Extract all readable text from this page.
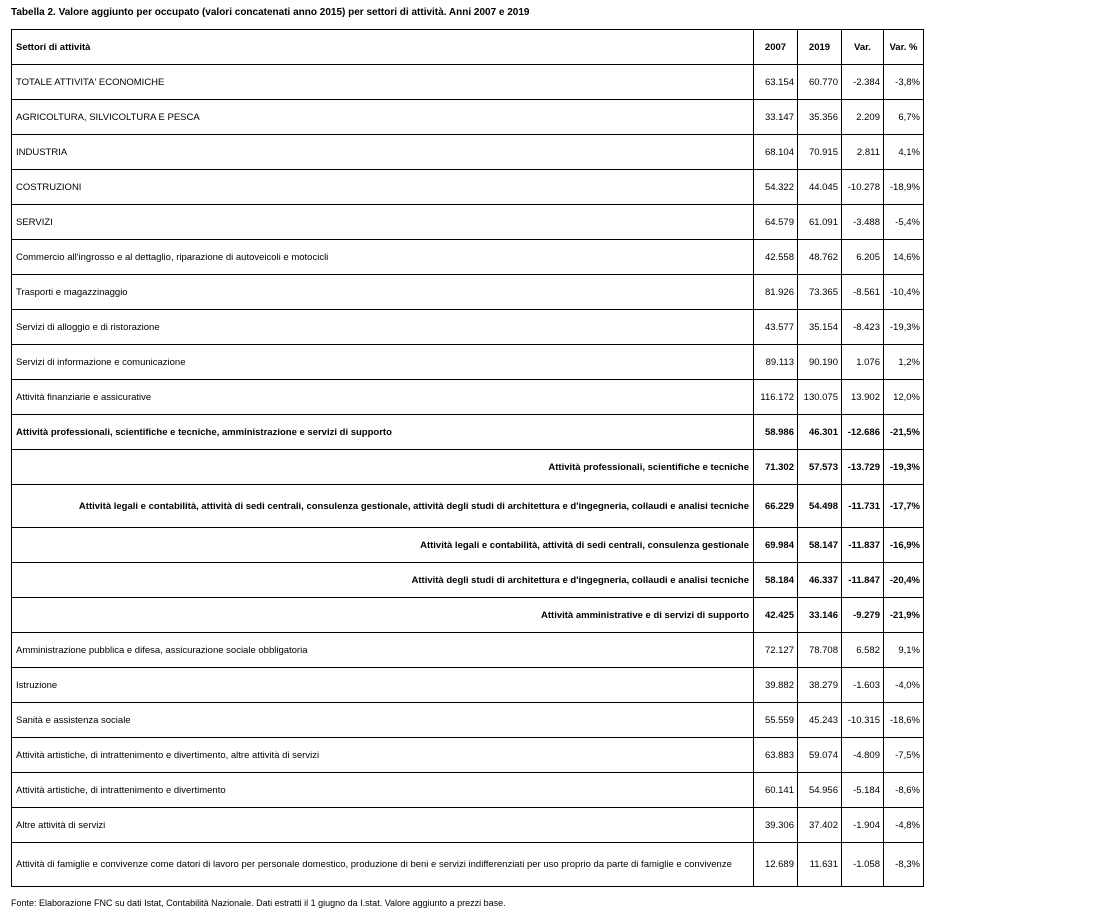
Tabella 2. Valore aggiunto per occupato (valori concatenati anno 2015) per settori di attività. Anni 2007 e 2019
Settori di attività	2007	2019	Var.	Var. %
TOTALE ATTIVITA' ECONOMICHE	63.154	60.770	-2.384	-3,8%
AGRICOLTURA, SILVICOLTURA E PESCA	33.147	35.356	2.209	6,7%
INDUSTRIA	68.104	70.915	2.811	4,1%
COSTRUZIONI	54.322	44.045	-10.278	-18,9%
SERVIZI	64.579	61.091	-3.488	-5,4%
Commercio all'ingrosso e al dettaglio, riparazione di autoveicoli e motocicli	42.558	48.762	6.205	14,6%
Trasporti e magazzinaggio	81.926	73.365	-8.561	-10,4%
Servizi di alloggio e di ristorazione	43.577	35.154	-8.423	-19,3%
Servizi di informazione e comunicazione	89.113	90.190	1.076	1,2%
Attività finanziarie e assicurative	116.172	130.075	13.902	12,0%
Attività professionali, scientifiche e tecniche, amministrazione e servizi di supporto	58.986	46.301	-12.686	-21,5%
Attività professionali, scientifiche e tecniche	71.302	57.573	-13.729	-19,3%
Attività legali e contabilità, attività di sedi centrali, consulenza gestionale, attività degli studi di architettura e d'ingegneria, collaudi e analisi tecniche	66.229	54.498	-11.731	-17,7%
Attività legali e contabilità, attività di sedi centrali, consulenza gestionale	69.984	58.147	-11.837	-16,9%
Attività degli studi di architettura e d'ingegneria, collaudi e analisi tecniche	58.184	46.337	-11.847	-20,4%
Attività amministrative e di servizi di supporto	42.425	33.146	-9.279	-21,9%
Amministrazione pubblica e difesa, assicurazione sociale obbligatoria	72.127	78.708	6.582	9,1%
Istruzione	39.882	38.279	-1.603	-4,0%
Sanità e assistenza sociale	55.559	45.243	-10.315	-18,6%
Attività artistiche, di intrattenimento e divertimento, altre attività di servizi	63.883	59.074	-4.809	-7,5%
Attività artistiche, di intrattenimento e divertimento	60.141	54.956	-5.184	-8,6%
Altre attività di servizi	39.306	37.402	-1.904	-4,8%
Attività di famiglie e convivenze come datori di lavoro per personale domestico, produzione di beni e servizi indifferenziati per uso proprio da parte di famiglie e convivenze	12.689	11.631	-1.058	-8,3%
Fonte: Elaborazione FNC su dati Istat, Contabilità Nazionale. Dati estratti il 1 giugno da I.stat. Valore aggiunto a prezzi base.
